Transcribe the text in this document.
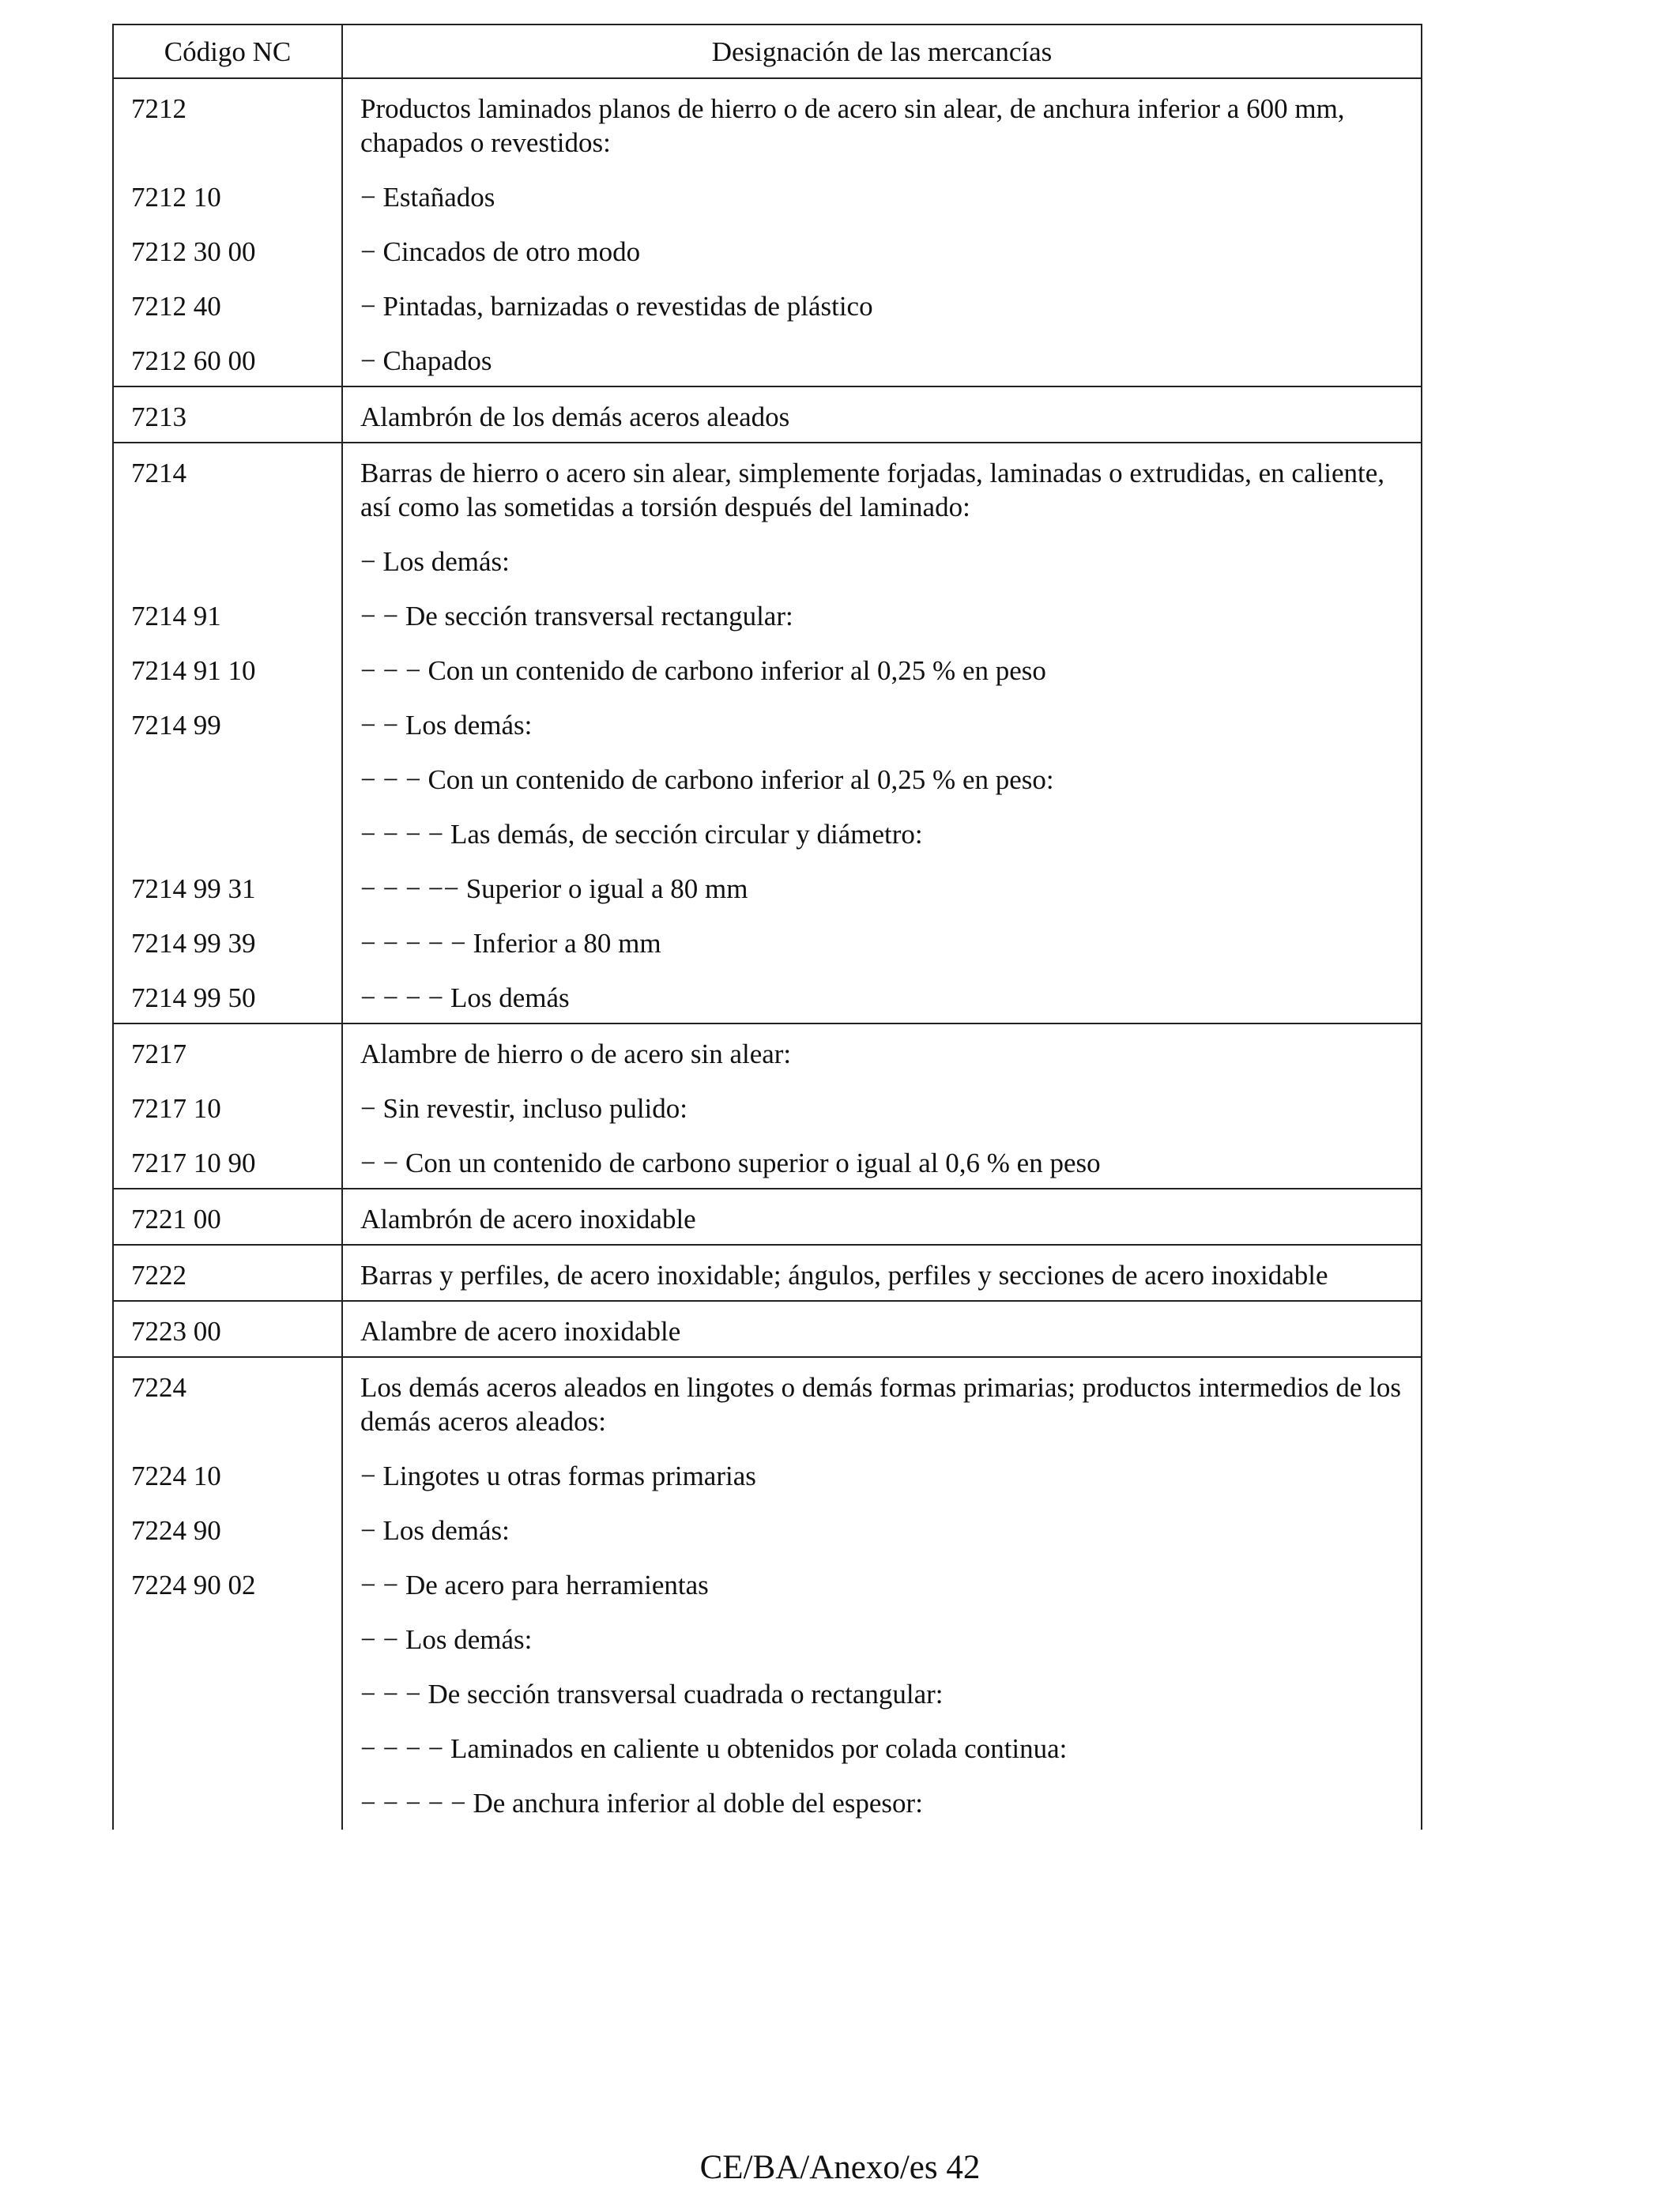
Código NC	Designación de las mercancías
7212	Productos laminados planos de hierro o de acero sin alear, de anchura inferior a 600 mm, chapados o revestidos:
7212 10	− Estañados
7212 30 00	− Cincados de otro modo
7212 40	− Pintadas, barnizadas o revestidas de plástico
7212 60 00	− Chapados
7213	Alambrón de los demás aceros aleados
7214	Barras de hierro o acero sin alear, simplemente forjadas, laminadas o extrudidas, en caliente, así como las sometidas a torsión después del laminado:
	− Los demás:
7214 91	− − De sección transversal rectangular:
7214 91 10	− − − Con un contenido de carbono inferior al 0,25 % en peso
7214 99	− − Los demás:
	− − − Con un contenido de carbono inferior al 0,25 % en peso:
	− − − − Las demás, de sección circular y diámetro:
7214 99 31	− − − −− Superior o igual a 80 mm
7214 99 39	− − − − − Inferior a 80 mm
7214 99 50	− − − − Los demás
7217	Alambre de hierro o de acero sin alear:
7217 10	− Sin revestir, incluso pulido:
7217 10 90	− − Con un contenido de carbono superior o igual al 0,6 % en peso
7221 00	Alambrón de acero inoxidable
7222	Barras y perfiles, de acero inoxidable; ángulos, perfiles y secciones de acero inoxidable
7223 00	Alambre de acero inoxidable
7224	Los demás aceros aleados en lingotes o demás formas primarias; productos intermedios de los demás aceros aleados:
7224 10	− Lingotes u otras formas primarias
7224 90	− Los demás:
7224 90 02	− − De acero para herramientas
	− − Los demás:
	− − − De sección transversal cuadrada o rectangular:
	− − − − Laminados en caliente u obtenidos por colada continua:
	− − − − − De anchura inferior al doble del espesor:
CE/BA/Anexo/es 42
